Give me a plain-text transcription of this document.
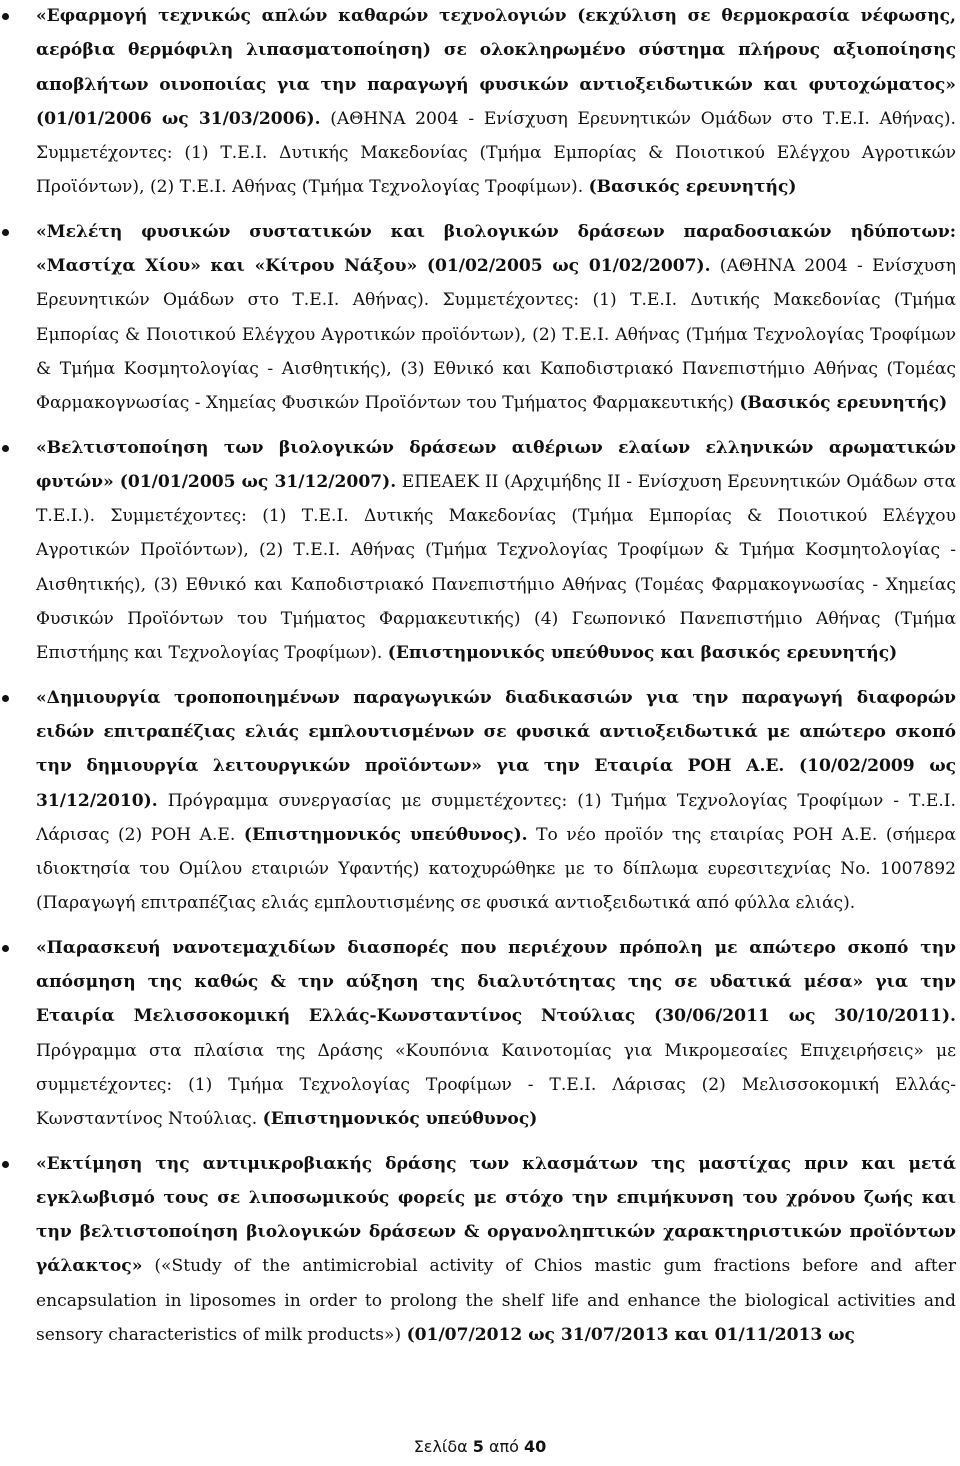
«Εφαρμογή τεχνικώς απλών καθαρών τεχνολογιών (εκχύλιση σε θερμοκρασία νέφωσης, αερόβια θερμόφιλη λιπασματοποίηση) σε ολοκληρωμένο σύστημα πλήρους αξιοποίησης αποβλήτων οινοποιίας για την παραγωγή φυσικών αντιοξειδωτικών και φυτοχώματος» (01/01/2006 ως 31/03/2006). (ΑΘΗΝΑ 2004 - Ενίσχυση Ερευνητικών Ομάδων στο Τ.Ε.Ι. Αθήνας). Συμμετέχοντες: (1) Τ.Ε.Ι. Δυτικής Μακεδονίας (Τμήμα Εμπορίας & Ποιοτικού Ελέγχου Αγροτικών Προϊόντων), (2) Τ.Ε.Ι. Αθήνας (Τμήμα Τεχνολογίας Τροφίμων). (Βασικός ερευνητής)
«Μελέτη φυσικών συστατικών και βιολογικών δράσεων παραδοσιακών ηδύποτων: «Μαστίχα Χίου» και «Κίτρου Νάξου» (01/02/2005 ως 01/02/2007). (ΑΘΗΝΑ 2004 - Ενίσχυση Ερευνητικών Ομάδων στο Τ.Ε.Ι. Αθήνας). Συμμετέχοντες: (1) Τ.Ε.Ι. Δυτικής Μακεδονίας (Τμήμα Εμπορίας & Ποιοτικού Ελέγχου Αγροτικών προϊόντων), (2) Τ.Ε.Ι. Αθήνας (Τμήμα Τεχνολογίας Τροφίμων & Τμήμα Κοσμητολογίας - Αισθητικής), (3) Εθνικό και Καποδιστριακό Πανεπιστήμιο Αθήνας (Τομέας Φαρμακογνωσίας - Χημείας Φυσικών Προϊόντων του Τμήματος Φαρμακευτικής) (Βασικός ερευνητής)
«Βελτιστοποίηση των βιολογικών δράσεων αιθέριων ελαίων ελληνικών αρωματικών φυτών» (01/01/2005 ως 31/12/2007). ΕΠΕΑΕΚ ΙΙ (Αρχιμήδης ΙΙ - Ενίσχυση Ερευνητικών Ομάδων στα Τ.Ε.Ι.). Συμμετέχοντες: (1) Τ.Ε.Ι. Δυτικής Μακεδονίας (Τμήμα Εμπορίας & Ποιοτικού Ελέγχου Αγροτικών Προϊόντων), (2) Τ.Ε.Ι. Αθήνας (Τμήμα Τεχνολογίας Τροφίμων & Τμήμα Κοσμητολογίας - Αισθητικής), (3) Εθνικό και Καποδιστριακό Πανεπιστήμιο Αθήνας (Τομέας Φαρμακογνωσίας - Χημείας Φυσικών Προϊόντων του Τμήματος Φαρμακευτικής) (4) Γεωπονικό Πανεπιστήμιο Αθήνας (Τμήμα Επιστήμης και Τεχνολογίας Τροφίμων). (Επιστημονικός υπεύθυνος και βασικός ερευνητής)
«Δημιουργία τροποποιημένων παραγωγικών διαδικασιών για την παραγωγή διαφορών ειδών επιτραπέζιας ελιάς εμπλουτισμένων σε φυσικά αντιοξειδωτικά με απώτερο σκοπό την δημιουργία λειτουργικών προϊόντων» για την Εταιρία ΡΟΗ Α.Ε. (10/02/2009 ως 31/12/2010). Πρόγραμμα συνεργασίας με συμμετέχοντες: (1) Τμήμα Τεχνολογίας Τροφίμων - Τ.Ε.Ι. Λάρισας (2) ΡΟΗ Α.Ε. (Επιστημονικός υπεύθυνος). Το νέο προϊόν της εταιρίας ΡΟΗ Α.Ε. (σήμερα ιδιοκτησία του Ομίλου εταιριών Υφαντής) κατοχυρώθηκε με το δίπλωμα ευρεσιτεχνίας No. 1007892 (Παραγωγή επιτραπέζιας ελιάς εμπλουτισμένης σε φυσικά αντιοξειδωτικά από φύλλα ελιάς).
«Παρασκευή νανοτεμαχιδίων διασπορές που περιέχουν πρόπολη με απώτερο σκοπό την απόσμηση της καθώς & την αύξηση της διαλυτότητας της σε υδατικά μέσα» για την Εταιρία Μελισσοκομική Ελλάς-Κωνσταντίνος Ντούλιας (30/06/2011 ως 30/10/2011). Πρόγραμμα στα πλαίσια της Δράσης «Κουπόνια Καινοτομίας για Μικρομεσαίες Επιχειρήσεις» με συμμετέχοντες: (1) Τμήμα Τεχνολογίας Τροφίμων - Τ.Ε.Ι. Λάρισας (2) Μελισσοκομική Ελλάς-Κωνσταντίνος Ντούλιας. (Επιστημονικός υπεύθυνος)
«Εκτίμηση της αντιμικροβιακής δράσης των κλασμάτων της μαστίχας πριν και μετά εγκλωβισμό τους σε λιποσωμικούς φορείς με στόχο την επιμήκυνση του χρόνου ζωής και την βελτιστοποίηση βιολογικών δράσεων & οργανοληπτικών χαρακτηριστικών προϊόντων γάλακτος» («Study of the antimicrobial activity of Chios mastic gum fractions before and after encapsulation in liposomes in order to prolong the shelf life and enhance the biological activities and sensory characteristics of milk products») (01/07/2012 ως 31/07/2013 και 01/11/2013 ως
Σελίδα 5 από 40
